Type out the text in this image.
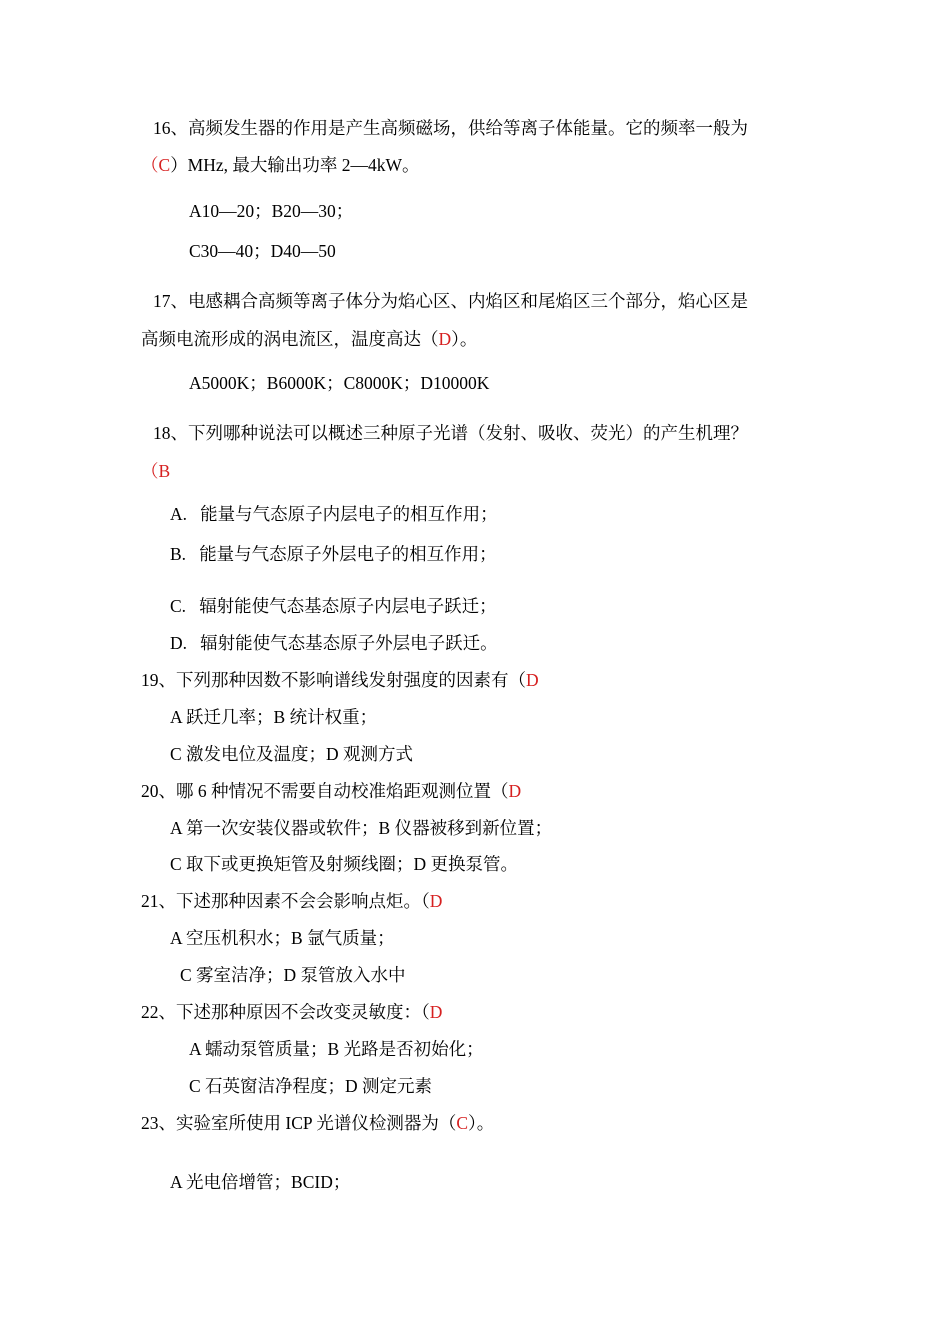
16、高频发生器的作用是产生高频磁场，供给等离子体能量。它的频率一般为
（C）MHz, 最大输出功率 2—4kW。
A10—20；B20—30；
C30—40；D40—50
17、电感耦合高频等离子体分为焰心区、内焰区和尾焰区三个部分，焰心区是
高频电流形成的涡电流区，温度高达（D）。
A5000K；B6000K；C8000K；D10000K
18、下列哪种说法可以概述三种原子光谱（发射、吸收、荧光）的产生机理？
（B
A. 能量与气态原子内层电子的相互作用；
B. 能量与气态原子外层电子的相互作用；
C. 辐射能使气态基态原子内层电子跃迁；
D. 辐射能使气态基态原子外层电子跃迁。
19、下列那种因数不影响谱线发射强度的因素有（D
A 跃迁几率；B 统计权重；
C 激发电位及温度；D 观测方式
20、哪 6 种情况不需要自动校准焰距观测位置（D
A 第一次安装仪器或软件；B 仪器被移到新位置；
C 取下或更换矩管及射频线圈；D 更换泵管。
21、下述那种因素不会会影响点炬。（D
A 空压机积水；B 氩气质量；
C 雾室洁净；D 泵管放入水中
22、下述那种原因不会改变灵敏度：（D
A 蠕动泵管质量；B 光路是否初始化；
C 石英窗洁净程度；D 测定元素
23、实验室所使用 ICP 光谱仪检测器为（C）。
A 光电倍增管；BCID；
